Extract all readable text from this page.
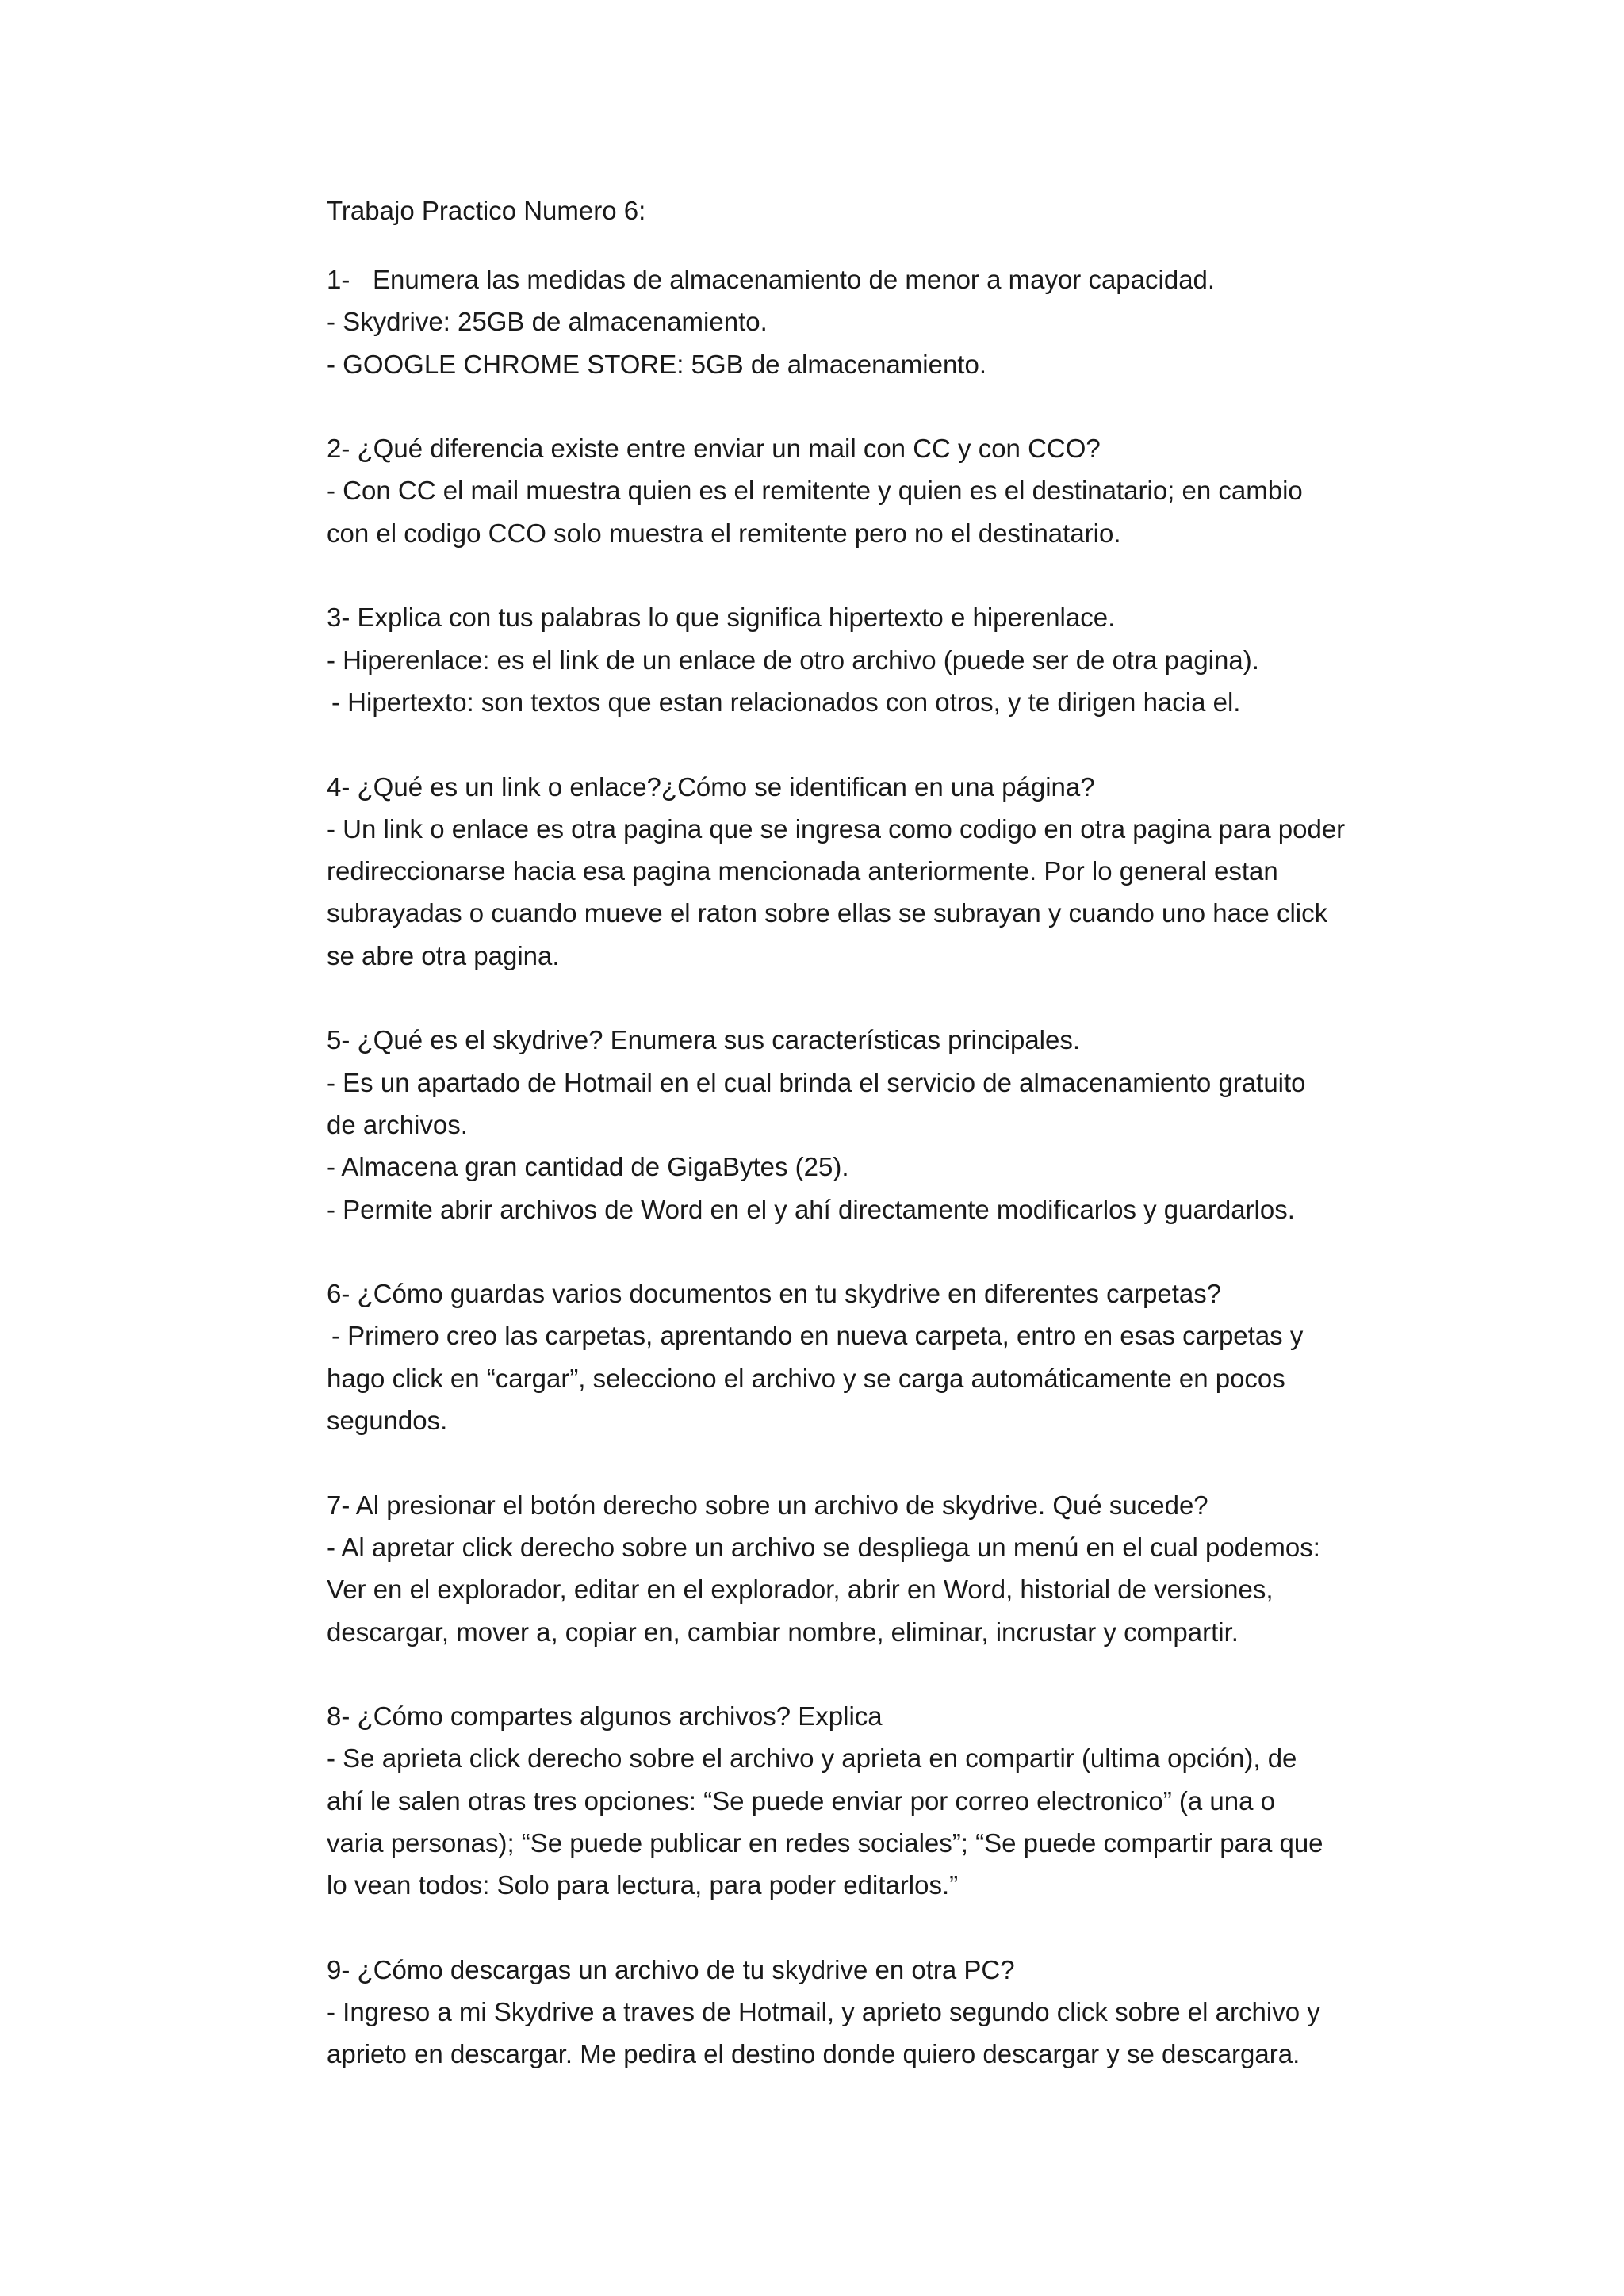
Trabajo Practico Numero 6:
1- Enumera las medidas de almacenamiento de menor a mayor capacidad.
- Skydrive: 25GB de almacenamiento.
- GOOGLE CHROME STORE: 5GB de almacenamiento.
2- ¿Qué diferencia existe entre enviar un mail con CC y con CCO?
- Con CC el mail muestra quien es el remitente y quien es el destinatario; en cambio
con el codigo CCO solo muestra el remitente pero no el destinatario.
3- Explica con tus palabras lo que significa hipertexto e hiperenlace.
- Hiperenlace: es el link de un enlace de otro archivo (puede ser de otra pagina).
- Hipertexto: son textos que estan relacionados con otros, y te dirigen hacia el.
4- ¿Qué es un link o enlace?¿Cómo se identifican en una página?
- Un link o enlace es otra pagina que se ingresa como codigo en otra pagina para poder
redireccionarse hacia esa pagina mencionada anteriormente. Por lo general estan
subrayadas o cuando mueve el raton sobre ellas se subrayan y cuando uno hace click
se abre otra pagina.
5- ¿Qué es el skydrive? Enumera sus características principales.
- Es un apartado de Hotmail en el cual brinda el servicio de almacenamiento gratuito
de archivos.
- Almacena gran cantidad de GigaBytes (25).
- Permite abrir archivos de Word en el y ahí directamente modificarlos y guardarlos.
6- ¿Cómo guardas varios documentos en tu skydrive en diferentes carpetas?
- Primero creo las carpetas, aprentando en nueva carpeta, entro en esas carpetas y
hago click en “cargar”, selecciono el archivo y se carga automáticamente en pocos
segundos.
7- Al presionar el botón derecho sobre un archivo de skydrive. Qué sucede?
- Al apretar click derecho sobre un archivo se despliega un menú en el cual podemos:
Ver en el explorador, editar en el explorador, abrir en Word, historial de versiones,
descargar, mover a, copiar en, cambiar nombre, eliminar, incrustar y compartir.
8- ¿Cómo compartes algunos archivos? Explica
- Se aprieta click derecho sobre el archivo y aprieta en compartir (ultima opción), de
ahí le salen otras tres opciones: “Se puede enviar por correo electronico” (a una o
varia personas); “Se puede publicar en redes sociales”; “Se puede compartir para que
lo vean todos: Solo para lectura, para poder editarlos.”
9- ¿Cómo descargas un archivo de tu skydrive en otra PC?
- Ingreso a mi Skydrive a traves de Hotmail, y aprieto segundo click sobre el archivo y
aprieto en descargar. Me pedira el destino donde quiero descargar y se descargara.
